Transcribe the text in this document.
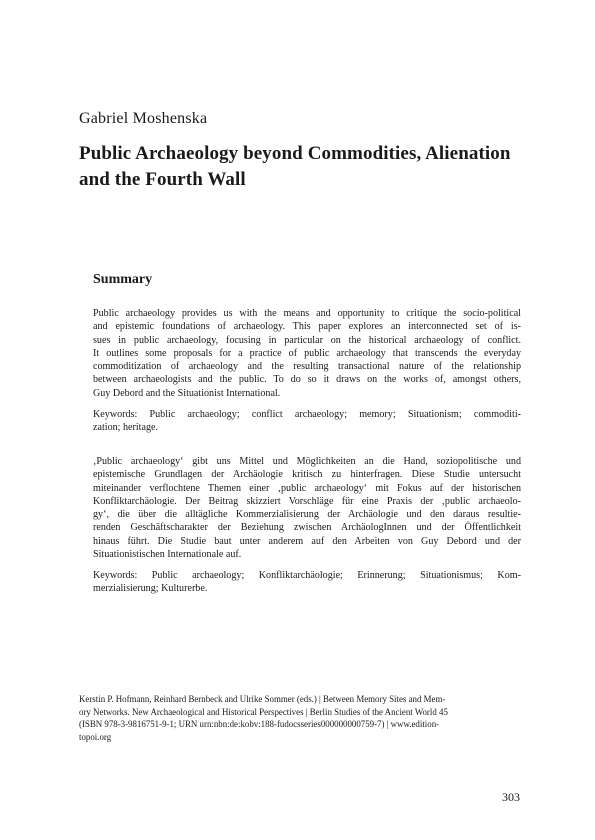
Gabriel Moshenska
Public Archaeology beyond Commodities, Alienation
and the Fourth Wall
Summary
Public archaeology provides us with the means and opportunity to critique the socio-political
and epistemic foundations of archaeology. This paper explores an interconnected set of is-
sues in public archaeology, focusing in particular on the historical archaeology of conflict.
It outlines some proposals for a practice of public archaeology that transcends the everyday
commoditization of archaeology and the resulting transactional nature of the relationship
between archaeologists and the public. To do so it draws on the works of, amongst others,
Guy Debord and the Situationist International.
Keywords: Public archaeology; conflict archaeology; memory; Situationism; commoditi-
zation; heritage.
‚Public archaeology‘ gibt uns Mittel und Möglichkeiten an die Hand, soziopolitische und
epistemische Grundlagen der Archäologie kritisch zu hinterfragen. Diese Studie untersucht
miteinander verflochtene Themen einer ‚public archaeology‘ mit Fokus auf der historischen
Konfliktarchäologie. Der Beitrag skizziert Vorschläge für eine Praxis der ‚public archaeolo-
gy‘, die über die alltägliche Kommerzialisierung der Archäologie und den daraus resultie-
renden Geschäftscharakter der Beziehung zwischen ArchäologInnen und der Öffentlichkeit
hinaus führt. Die Studie baut unter anderem auf den Arbeiten von Guy Debord und der
Situationistischen Internationale auf.
Keywords: Public archaeology; Konfliktarchäologie; Erinnerung; Situationismus; Kom-
merzialisierung; Kulturerbe.
Kerstin P. Hofmann, Reinhard Bernbeck and Ulrike Sommer (eds.) | Between Memory Sites and Mem-
ory Networks. New Archaeological and Historical Perspectives | Berlin Studies of the Ancient World 45
(ISBN 978-3-9816751-9-1; URN urn:nbn:de:kobv:188-fudocsseries000000000759-7) | www.edition-
topoi.org
303
